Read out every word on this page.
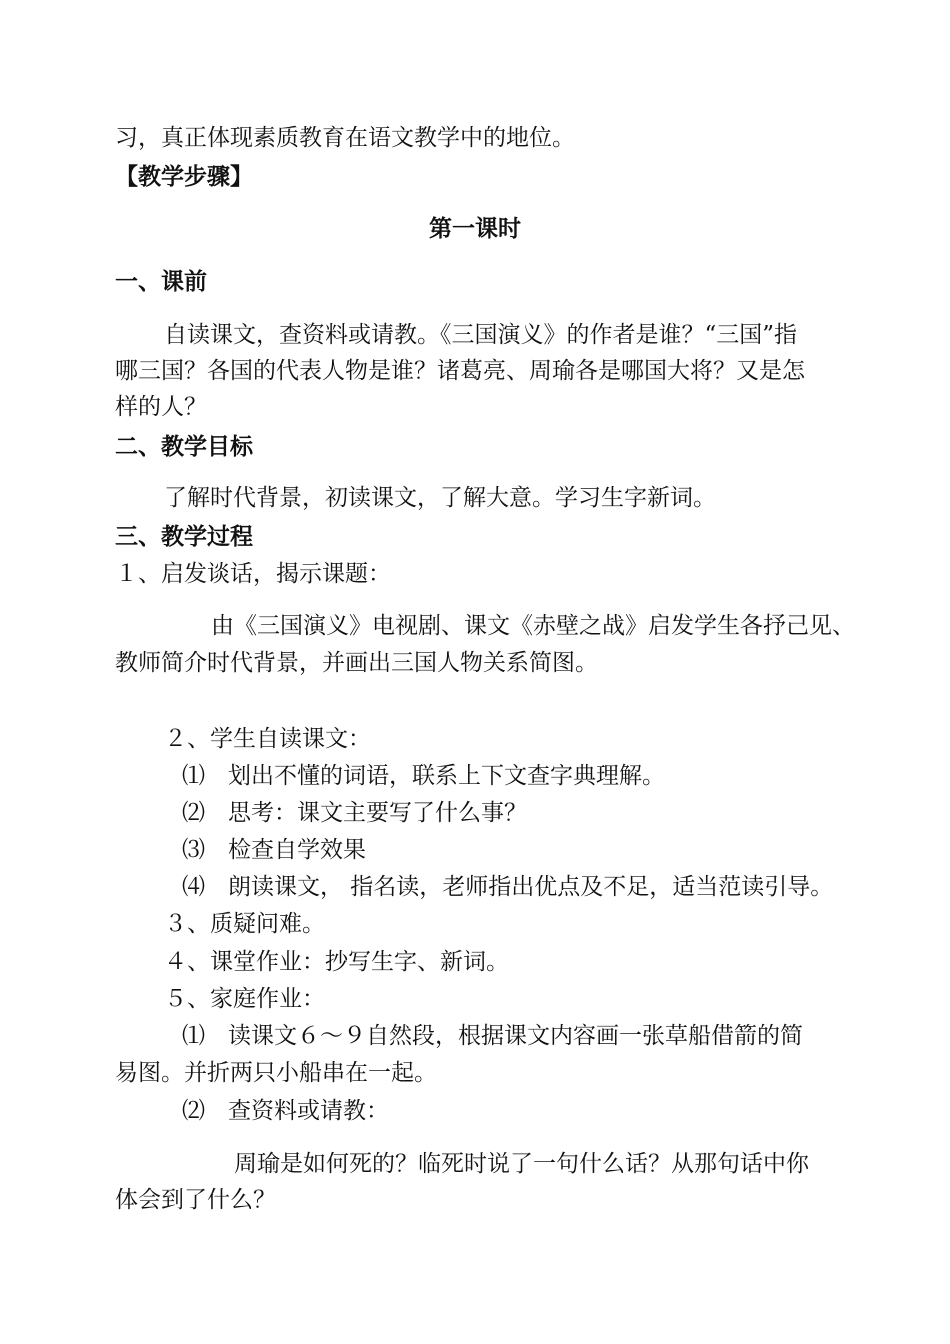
习，真正体现素质教育在语文教学中的地位。
【教学步骤】
第一课时
一、课前
自读课文，查资料或请教。《三国演义》的作者是谁？“三国”指
哪三国？各国的代表人物是谁？诸葛亮、周瑜各是哪国大将？又是怎
样的人？
二、教学目标
了解时代背景，初读课文，了解大意。学习生字新词。
三、教学过程
１、启发谈话，揭示课题：
由《三国演义》电视剧、课文《赤壁之战》启发学生各抒己见、
教师简介时代背景，并画出三国人物关系简图。
２、学生自读课文：
⑴　划出不懂的词语，联系上下文查字典理解。
⑵　思考：课文主要写了什么事？
⑶　检查自学效果
⑷　朗读课文， 指名读，老师指出优点及不足，适当范读引导。
３、质疑问难。
４、课堂作业：抄写生字、新词。
５、家庭作业：
⑴　读课文６～９自然段，根据课文内容画一张草船借箭的简
易图。并折两只小船串在一起。
⑵　查资料或请教：
周瑜是如何死的？临死时说了一句什么话？从那句话中你
体会到了什么？
